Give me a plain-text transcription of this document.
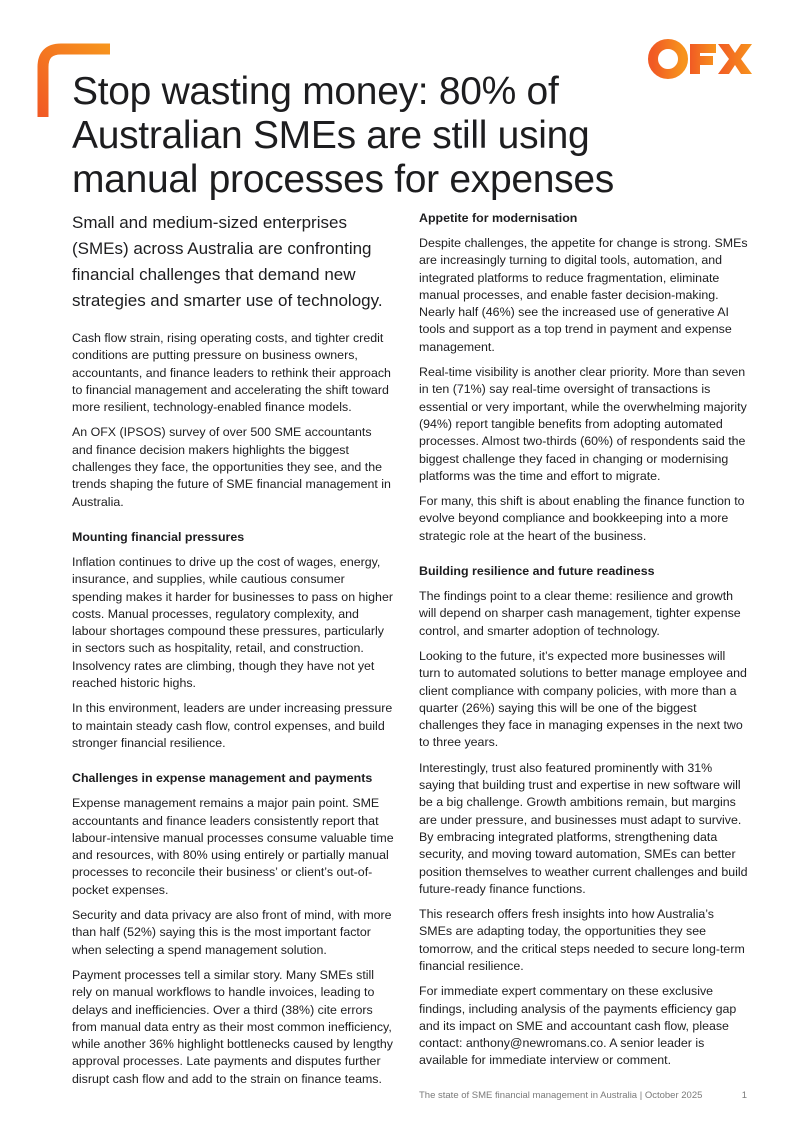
Stop wasting money: 80% of Australian SMEs are still using manual processes for expenses

Small and medium-sized enterprises (SMEs) across Australia are confronting financial challenges that demand new strategies and smarter use of technology.

Cash flow strain, rising operating costs, and tighter credit conditions are putting pressure on business owners, accountants, and finance leaders to rethink their approach to financial management and accelerating the shift toward more resilient, technology-enabled finance models.

An OFX (IPSOS) survey of over 500 SME accountants and finance decision makers highlights the biggest challenges they face, the opportunities they see, and the trends shaping the future of SME financial management in Australia.

Mounting financial pressures

Inflation continues to drive up the cost of wages, energy, insurance, and supplies, while cautious consumer spending makes it harder for businesses to pass on higher costs. Manual processes, regulatory complexity, and labour shortages compound these pressures, particularly in sectors such as hospitality, retail, and construction. Insolvency rates are climbing, though they have not yet reached historic highs.

In this environment, leaders are under increasing pressure to maintain steady cash flow, control expenses, and build stronger financial resilience.

Challenges in expense management and payments

Expense management remains a major pain point. SME accountants and finance leaders consistently report that labour-intensive manual processes consume valuable time and resources, with 80% using entirely or partially manual processes to reconcile their business’ or client’s out-of-pocket expenses.

Security and data privacy are also front of mind, with more than half (52%) saying this is the most important factor when selecting a spend management solution.

Payment processes tell a similar story. Many SMEs still rely on manual workflows to handle invoices, leading to delays and inefficiencies. Over a third (38%) cite errors from manual data entry as their most common inefficiency, while another 36% highlight bottlenecks caused by lengthy approval processes. Late payments and disputes further disrupt cash flow and add to the strain on finance teams.

Appetite for modernisation

Despite challenges, the appetite for change is strong. SMEs are increasingly turning to digital tools, automation, and integrated platforms to reduce fragmentation, eliminate manual processes, and enable faster decision-making. Nearly half (46%) see the increased use of generative AI tools and support as a top trend in payment and expense management.

Real-time visibility is another clear priority. More than seven in ten (71%) say real-time oversight of transactions is essential or very important, while the overwhelming majority (94%) report tangible benefits from adopting automated processes. Almost two-thirds (60%) of respondents said the biggest challenge they faced in changing or modernising platforms was the time and effort to migrate.

For many, this shift is about enabling the finance function to evolve beyond compliance and bookkeeping into a more strategic role at the heart of the business.

Building resilience and future readiness

The findings point to a clear theme: resilience and growth will depend on sharper cash management, tighter expense control, and smarter adoption of technology.

Looking to the future, it’s expected more businesses will turn to automated solutions to better manage employee and client compliance with company policies, with more than a quarter (26%) saying this will be one of the biggest challenges they face in managing expenses in the next two to three years.

Interestingly, trust also featured prominently with 31% saying that building trust and expertise in new software will be a big challenge. Growth ambitions remain, but margins are under pressure, and businesses must adapt to survive. By embracing integrated platforms, strengthening data security, and moving toward automation, SMEs can better position themselves to weather current challenges and build future-ready finance functions.

This research offers fresh insights into how Australia’s SMEs are adapting today, the opportunities they see tomorrow, and the critical steps needed to secure long-term financial resilience.

For immediate expert commentary on these exclusive findings, including analysis of the payments efficiency gap and its impact on SME and accountant cash flow, please contact: anthony@newromans.co. A senior leader is available for immediate interview or comment.

The state of SME financial management in Australia | October 2025	1
